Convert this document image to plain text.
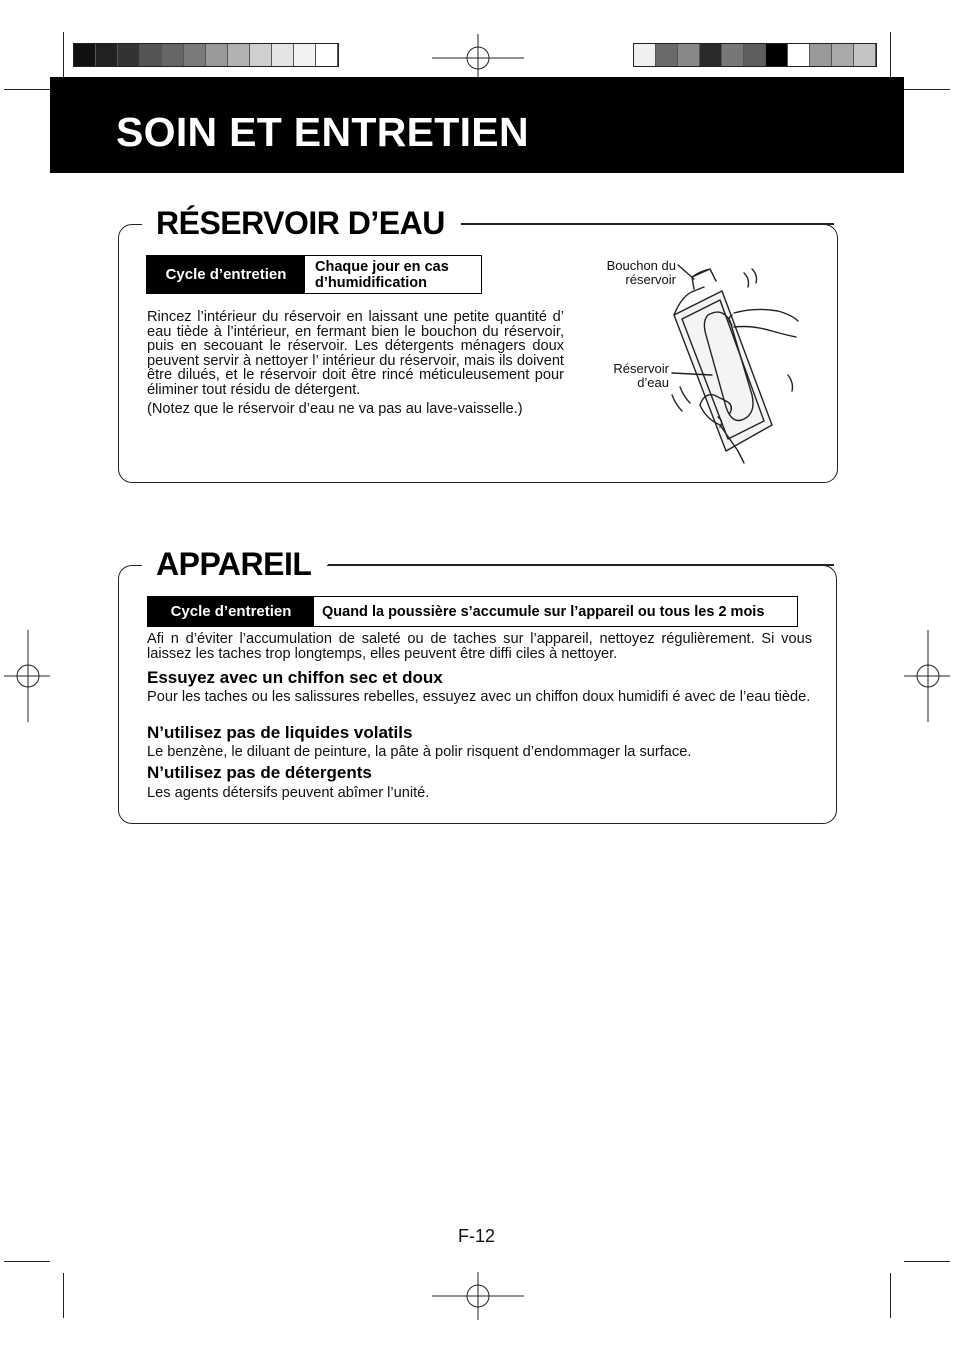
SOIN ET ENTRETIEN
RÉSERVOIR D’EAU
Cycle d’entretien	Chaque jour en cas d’humidification

Rincez l’intérieur du réservoir en laissant une petite quantité d’ eau tiède à l’intérieur, en fermant bien le bouchon du réservoir, puis en secouant le réservoir. Les détergents ménagers doux peuvent servir à nettoyer l’ intérieur du réservoir, mais ils doivent être dilués, et le réservoir doit être rincé méticuleusement pour éliminer tout résidu de détergent.

(Notez que le réservoir d’eau ne va pas au lave-vaisselle.)

Bouchon du réservoir
Réservoir d’eau
APPAREIL
Cycle d’entretien	Quand la poussière s’accumule sur l’appareil ou tous les 2 mois
Afi n d’éviter l’accumulation de saleté ou de taches sur l’appareil, nettoyez régulièrement. Si vous laissez les taches trop longtemps, elles peuvent être diffi ciles à nettoyer.
Essuyez avec un chiffon sec et doux
Pour les taches ou les salissures rebelles, essuyez avec un chiffon doux humidifi é avec de l’eau tiède.
N’utilisez pas de liquides volatils
Le benzène, le diluant de peinture, la pâte à polir risquent d’endommager la surface.
N’utilisez pas de détergents
Les agents détersifs peuvent abîmer l’unité.
F-12
